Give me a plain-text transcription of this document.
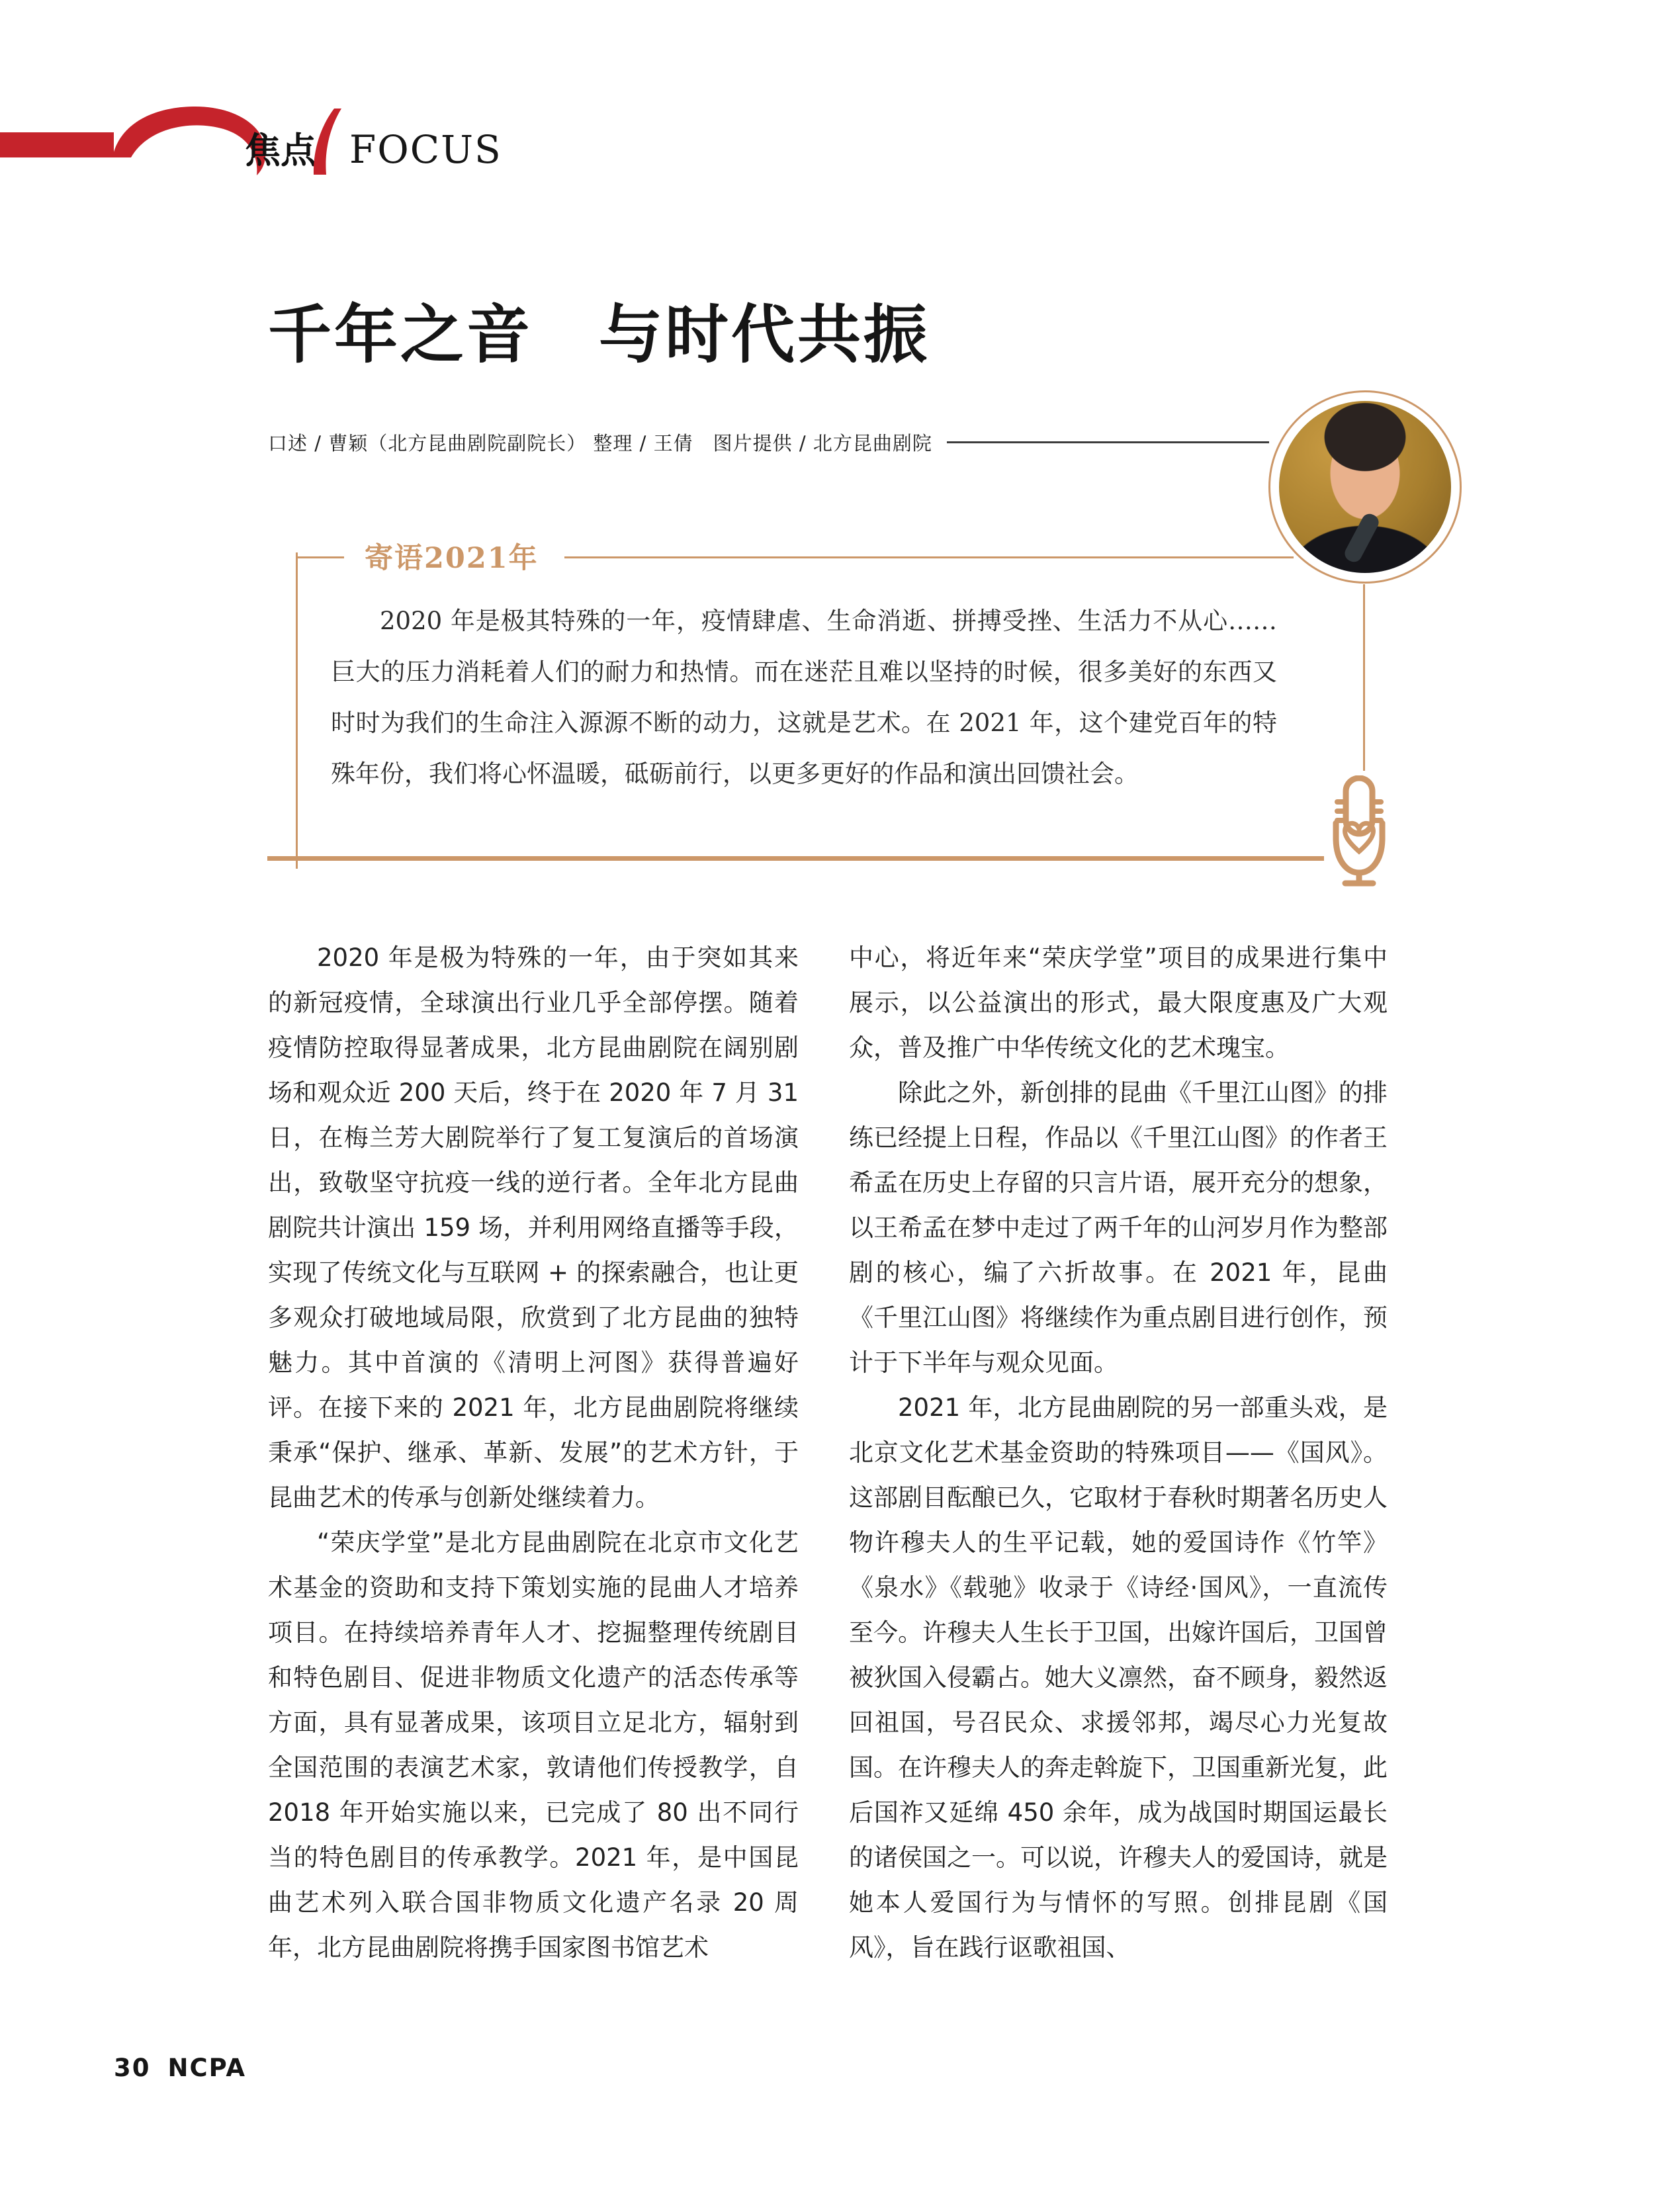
焦点 FOCUS
千年之音　与时代共振
口述 / 曹颖（北方昆曲剧院副院长） 整理 / 王倩　图片提供 / 北方昆曲剧院
寄语2021年

2020 年是极其特殊的一年，疫情肆虐、生命消逝、拼搏受挫、生活力不从心……巨大的压力消耗着人们的耐力和热情。而在迷茫且难以坚持的时候，很多美好的东西又时时为我们的生命注入源源不断的动力，这就是艺术。在 2021 年，这个建党百年的特殊年份，我们将心怀温暖，砥砺前行，以更多更好的作品和演出回馈社会。

2020 年是极为特殊的一年，由于突如其来的新冠疫情，全球演出行业几乎全部停摆。随着疫情防控取得显著成果，北方昆曲剧院在阔别剧场和观众近 200 天后，终于在 2020 年 7 月 31 日，在梅兰芳大剧院举行了复工复演后的首场演出，致敬坚守抗疫一线的逆行者。全年北方昆曲剧院共计演出 159 场，并利用网络直播等手段，实现了传统文化与互联网 + 的探索融合，也让更多观众打破地域局限，欣赏到了北方昆曲的独特魅力。其中首演的《清明上河图》获得普遍好评。在接下来的 2021 年，北方昆曲剧院将继续秉承“保护、继承、革新、发展”的艺术方针，于昆曲艺术的传承与创新处继续着力。

“荣庆学堂”是北方昆曲剧院在北京市文化艺术基金的资助和支持下策划实施的昆曲人才培养项目。在持续培养青年人才、挖掘整理传统剧目和特色剧目、促进非物质文化遗产的活态传承等方面，具有显著成果，该项目立足北方，辐射到全国范围的表演艺术家，敦请他们传授教学，自 2018 年开始实施以来，已完成了 80 出不同行当的特色剧目的传承教学。2021 年，是中国昆曲艺术列入联合国非物质文化遗产名录 20 周年，北方昆曲剧院将携手国家图书馆艺术

中心，将近年来“荣庆学堂”项目的成果进行集中展示，以公益演出的形式，最大限度惠及广大观众，普及推广中华传统文化的艺术瑰宝。

除此之外，新创排的昆曲《千里江山图》的排练已经提上日程，作品以《千里江山图》的作者王希孟在历史上存留的只言片语，展开充分的想象，以王希孟在梦中走过了两千年的山河岁月作为整部剧的核心，编了六折故事。在 2021 年，昆曲《千里江山图》将继续作为重点剧目进行创作，预计于下半年与观众见面。

2021 年，北方昆曲剧院的另一部重头戏，是北京文化艺术基金资助的特殊项目——《国风》。这部剧目酝酿已久，它取材于春秋时期著名历史人物许穆夫人的生平记载，她的爱国诗作《竹竿》《泉水》《载驰》收录于《诗经·国风》，一直流传至今。许穆夫人生长于卫国，出嫁许国后，卫国曾被狄国入侵霸占。她大义凛然，奋不顾身，毅然返回祖国，号召民众、求援邻邦，竭尽心力光复故国。在许穆夫人的奔走斡旋下，卫国重新光复，此后国祚又延绵 450 余年，成为战国时期国运最长的诸侯国之一。可以说，许穆夫人的爱国诗，就是她本人爱国行为与情怀的写照。创排昆剧《国风》，旨在践行讴歌祖国、

30 NCPA
